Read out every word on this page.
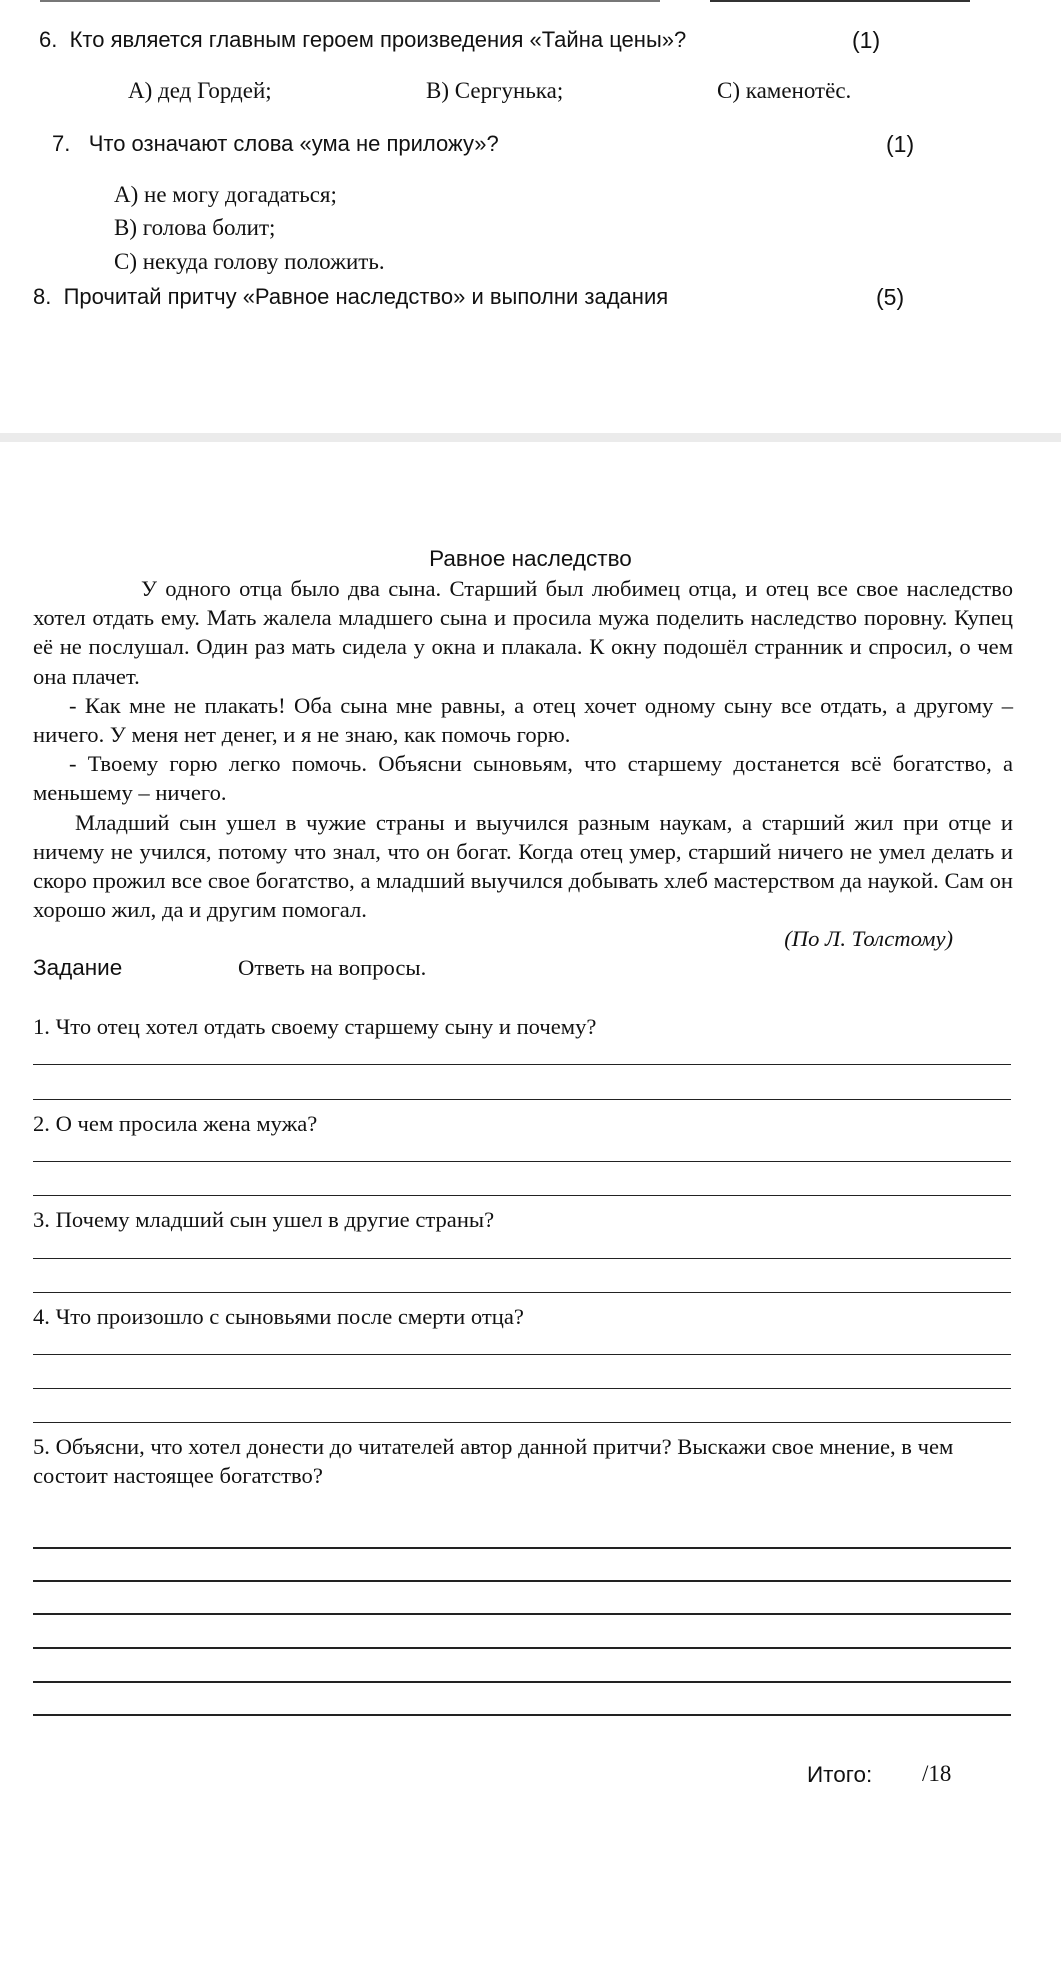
6. Кто является главным героем произведения «Тайна цены»?	(1)
А) дед Гордей;	В) Сергунька;	С) каменотёс.
7. Что означают слова «ума не приложу»?	(1)
А) не могу догадаться;
В) голова болит;
С) некуда голову положить.
8. Прочитай притчу «Равное наследство» и выполни задания	(5)
Равное наследство

У одного отца было два сына. Старший был любимец отца, и отец все свое наследство хотел отдать ему. Мать жалела младшего сына и просила мужа поделить наследство поровну. Купец её не послушал. Один раз мать сидела у окна и плакала. К окну подошёл странник и спросил, о чем она плачет.

- Как мне не плакать! Оба сына мне равны, а отец хочет одному сыну все отдать, а другому – ничего. У меня нет денег, и я не знаю, как помочь горю.

- Твоему горю легко помочь. Объясни сыновьям, что старшему достанется всё богатство, а меньшему – ничего.

Младший сын ушел в чужие страны и выучился разным наукам, а старший жил при отце и ничему не учился, потому что знал, что он богат. Когда отец умер, старший ничего не умел делать и скоро прожил все свое богатство, а младший выучился добывать хлеб мастерством да наукой. Сам он хорошо жил, да и другим помогал.

(По Л. Толстому)

Задание	Ответь на вопросы.
1. Что отец хотел отдать своему старшему сыну и почему?
2. О чем просила жена мужа?
3. Почему младший сын ушел в другие страны?
4. Что произошло с сыновьями после смерти отца?
5. Объясни, что хотел донести до читателей автор данной притчи? Выскажи свое мнение, в чем состоит настоящее богатство?
Итого: /18
